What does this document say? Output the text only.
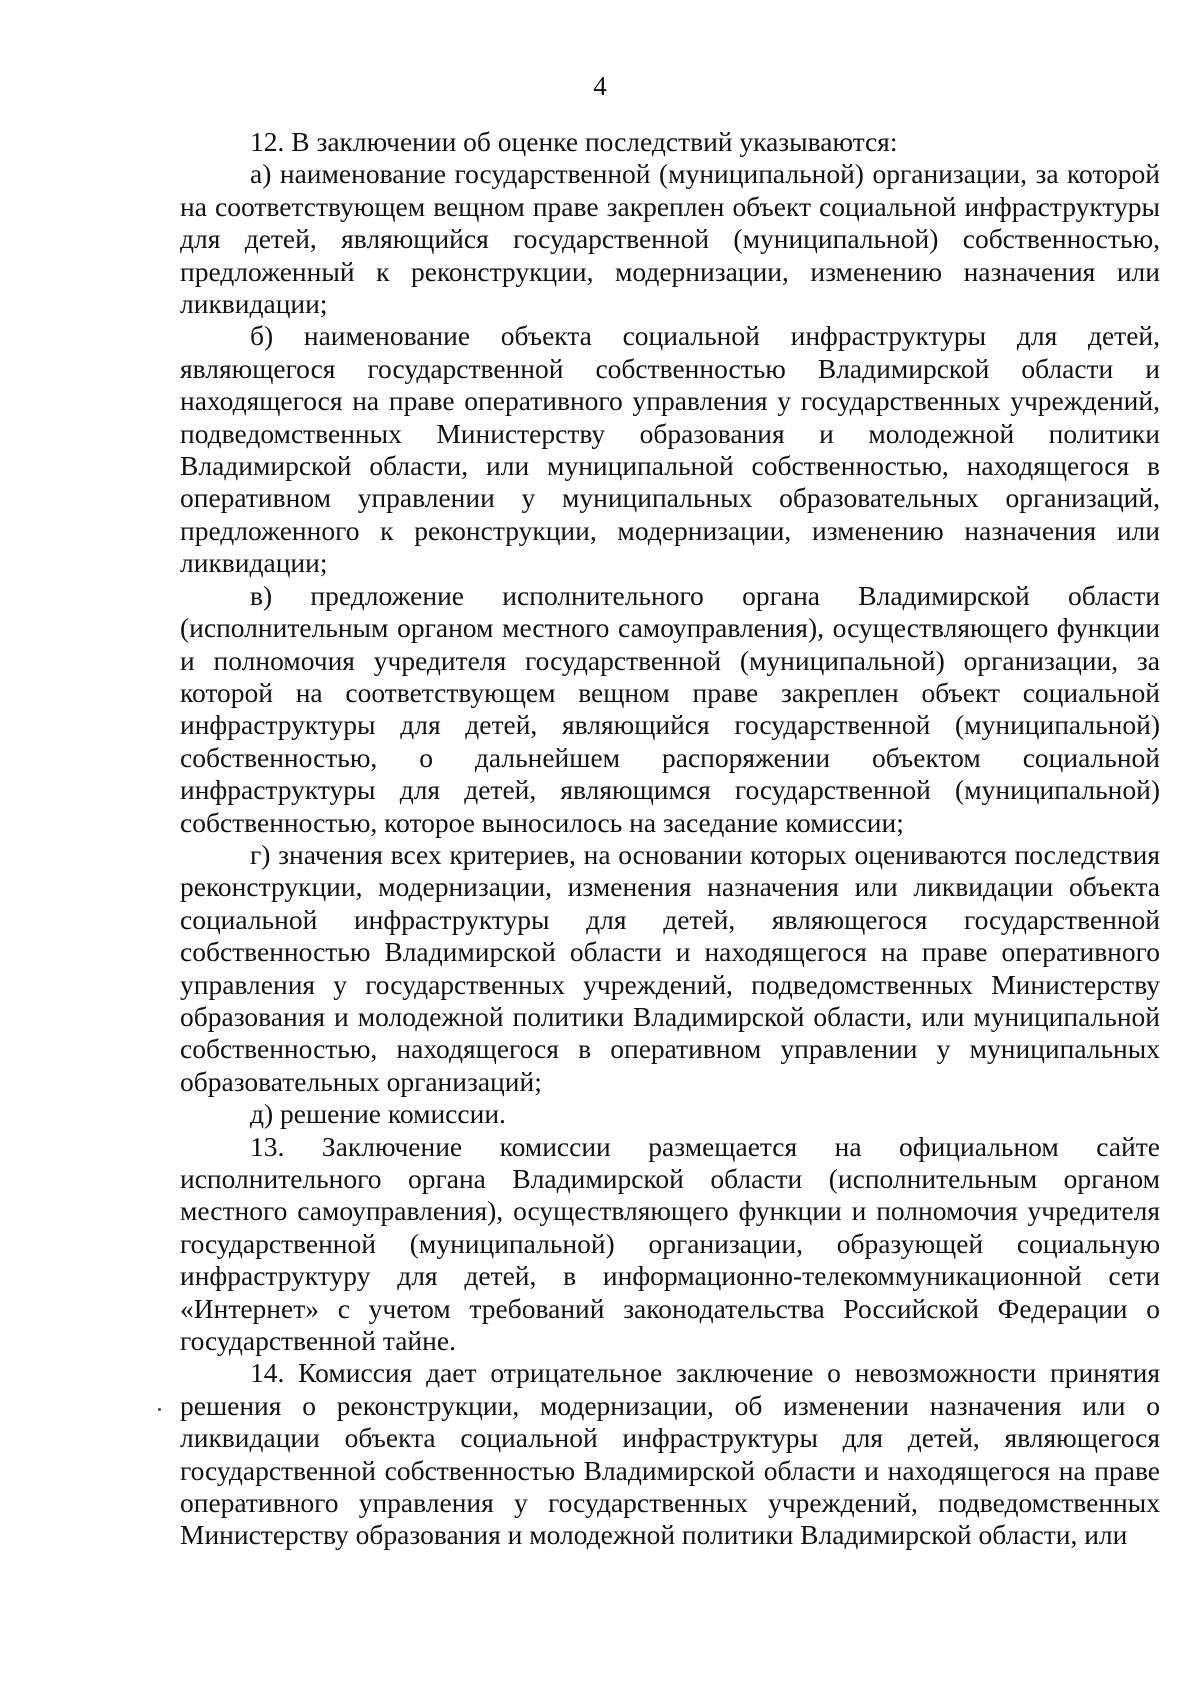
4

12. В заключении об оценке последствий указываются:

а) наименование государственной (муниципальной) организации, за которой на соответствующем вещном праве закреплен объект социальной инфраструктуры для детей, являющийся государственной (муниципальной) собственностью, предложенный к реконструкции, модернизации, изменению назначения или ликвидации;

б) наименование объекта социальной инфраструктуры для детей, являющегося государственной собственностью Владимирской области и находящегося на праве оперативного управления у государственных учреждений, подведомственных Министерству образования и молодежной политики Владимирской области, или муниципальной собственностью, находящегося в оперативном управлении у муниципальных образовательных организаций, предложенного к реконструкции, модернизации, изменению назначения или ликвидации;

в) предложение исполнительного органа Владимирской области (исполнительным органом местного самоуправления), осуществляющего функции и полномочия учредителя государственной (муниципальной) организации, за которой на соответствующем вещном праве закреплен объект социальной инфраструктуры для детей, являющийся государственной (муниципальной) собственностью, о дальнейшем распоряжении объектом социальной инфраструктуры для детей, являющимся государственной (муниципальной) собственностью, которое выносилось на заседание комиссии;

г) значения всех критериев, на основании которых оцениваются последствия реконструкции, модернизации, изменения назначения или ликвидации объекта социальной инфраструктуры для детей, являющегося государственной собственностью Владимирской области и находящегося на праве оперативного управления у государственных учреждений, подведомственных Министерству образования и молодежной политики Владимирской области, или муниципальной собственностью, находящегося в оперативном управлении у муниципальных образовательных организаций;

д) решение комиссии.

13. Заключение комиссии размещается на официальном сайте исполнительного органа Владимирской области (исполнительным органом местного самоуправления), осуществляющего функции и полномочия учредителя государственной (муниципальной) организации, образующей социальную инфраструктуру для детей, в информационно-телекоммуникационной сети «Интернет» с учетом требований законодательства Российской Федерации о государственной тайне.

14. Комиссия дает отрицательное заключение о невозможности принятия решения о реконструкции, модернизации, об изменении назначения или о ликвидации объекта социальной инфраструктуры для детей, являющегося государственной собственностью Владимирской области и находящегося на праве оперативного управления у государственных учреждений, подведомственных Министерству образования и молодежной политики Владимирской области, или
